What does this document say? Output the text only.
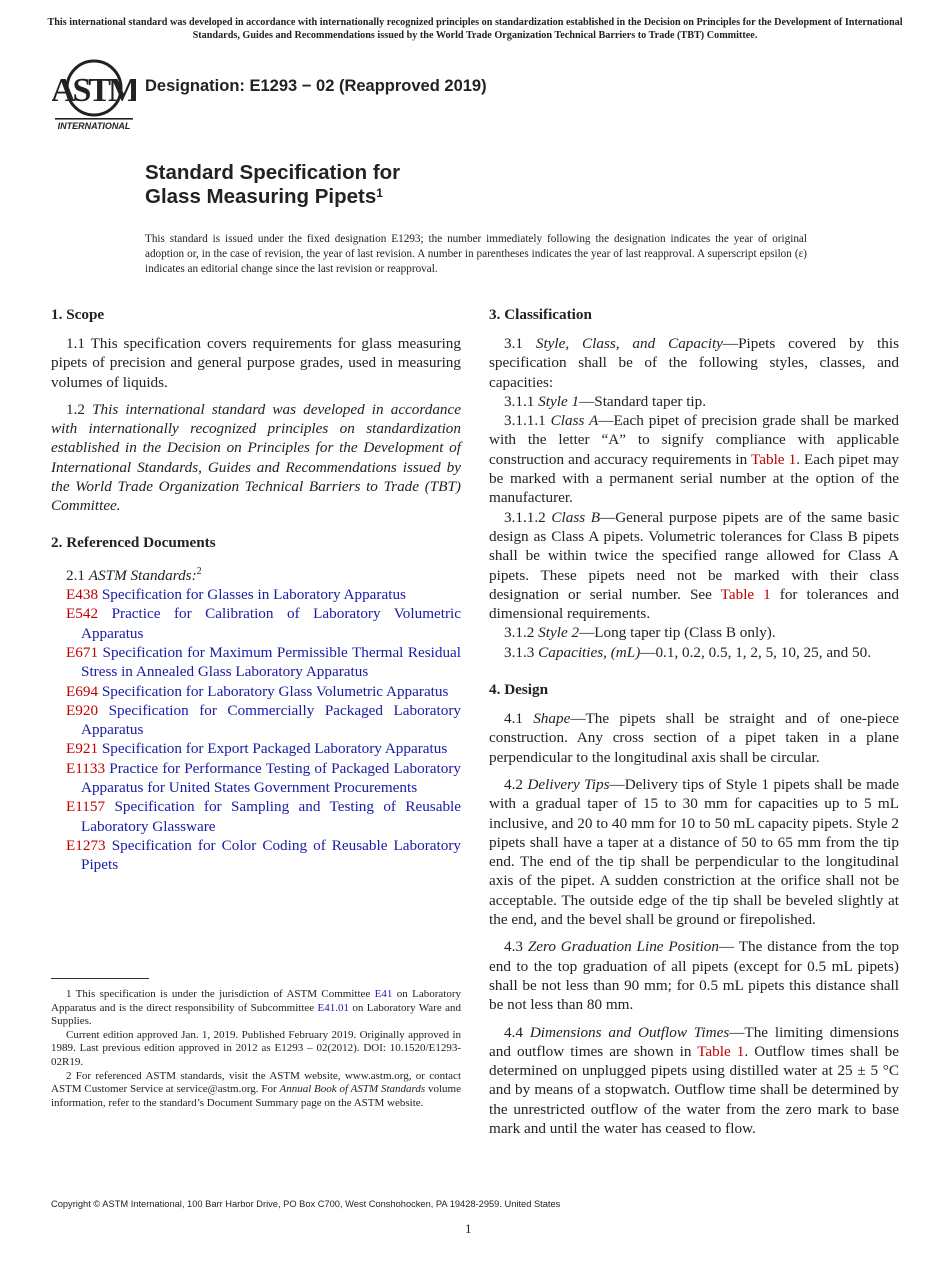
This international standard was developed in accordance with internationally recognized principles on standardization established in the Decision on Principles for the Development of International Standards, Guides and Recommendations issued by the World Trade Organization Technical Barriers to Trade (TBT) Committee.
ASTM
INTERNATIONAL
Designation: E1293 − 02 (Reapproved 2019)
Standard Specification for
Glass Measuring Pipets$^1$
This standard is issued under the fixed designation E1293; the number immediately following the designation indicates the year of original adoption or, in the case of revision, the year of last revision. A number in parentheses indicates the year of last reapproval. A superscript epsilon (ε) indicates an editorial change since the last revision or reapproval.
1. Scope

1.1 This specification covers requirements for glass measuring pipets of precision and general purpose grades, used in measuring volumes of liquids.

1.2 This international standard was developed in accordance with internationally recognized principles on standardization established in the Decision on Principles for the Development of International Standards, Guides and Recommendations issued by the World Trade Organization Technical Barriers to Trade (TBT) Committee.

2. Referenced Documents

2.1 ASTM Standards:$^2$

E438 Specification for Glasses in Laboratory Apparatus

E542 Practice for Calibration of Laboratory Volumetric Apparatus

E671 Specification for Maximum Permissible Thermal Residual Stress in Annealed Glass Laboratory Apparatus

E694 Specification for Laboratory Glass Volumetric Apparatus

E920 Specification for Commercially Packaged Laboratory Apparatus

E921 Specification for Export Packaged Laboratory Apparatus

E1133 Practice for Performance Testing of Packaged Laboratory Apparatus for United States Government Procurements

E1157 Specification for Sampling and Testing of Reusable Laboratory Glassware

E1273 Specification for Color Coding of Reusable Laboratory Pipets

1 This specification is under the jurisdiction of ASTM Committee E41 on Laboratory Apparatus and is the direct responsibility of Subcommittee E41.01 on Laboratory Ware and Supplies.

Current edition approved Jan. 1, 2019. Published February 2019. Originally approved in 1989. Last previous edition approved in 2012 as E1293 – 02(2012). DOI: 10.1520/E1293-02R19.

2 For referenced ASTM standards, visit the ASTM website, www.astm.org, or contact ASTM Customer Service at service@astm.org. For Annual Book of ASTM Standards volume information, refer to the standard’s Document Summary page on the ASTM website.

3. Classification

3.1 Style, Class, and Capacity—Pipets covered by this specification shall be of the following styles, classes, and capacities:

3.1.1 Style 1—Standard taper tip.

3.1.1.1 Class A—Each pipet of precision grade shall be marked with the letter “A” to signify compliance with applicable construction and accuracy requirements in Table 1. Each pipet may be marked with a permanent serial number at the option of the manufacturer.

3.1.1.2 Class B—General purpose pipets are of the same basic design as Class A pipets. Volumetric tolerances for Class B pipets shall be within twice the specified range allowed for Class A pipets. These pipets need not be marked with their class designation or serial number. See Table 1 for tolerances and dimensional requirements.

3.1.2 Style 2—Long taper tip (Class B only).

3.1.3 Capacities, (mL)—0.1, 0.2, 0.5, 1, 2, 5, 10, 25, and 50.

4. Design

4.1 Shape—The pipets shall be straight and of one-piece construction. Any cross section of a pipet taken in a plane perpendicular to the longitudinal axis shall be circular.

4.2 Delivery Tips—Delivery tips of Style 1 pipets shall be made with a gradual taper of 15 to 30 mm for capacities up to 5 mL inclusive, and 20 to 40 mm for 10 to 50 mL capacity pipets. Style 2 pipets shall have a taper at a distance of 50 to 65 mm from the tip end. The end of the tip shall be perpendicular to the longitudinal axis of the pipet. A sudden constriction at the orifice shall not be acceptable. The outside edge of the tip shall be beveled slightly at the end, and the bevel shall be ground or firepolished.

4.3 Zero Graduation Line Position— The distance from the top end to the top graduation of all pipets (except for 0.5 mL pipets) shall be not less than 90 mm; for 0.5 mL pipets this distance shall be not less than 80 mm.

4.4 Dimensions and Outflow Times—The limiting dimensions and outflow times are shown in Table 1. Outflow times shall be determined on unplugged pipets using distilled water at 25 ± 5 °C and by means of a stopwatch. Outflow time shall be determined by the unrestricted outflow of the water from the zero mark to base mark and until the water has ceased to flow.

Copyright © ASTM International, 100 Barr Harbor Drive, PO Box C700, West Conshohocken, PA 19428-2959. United States
1
